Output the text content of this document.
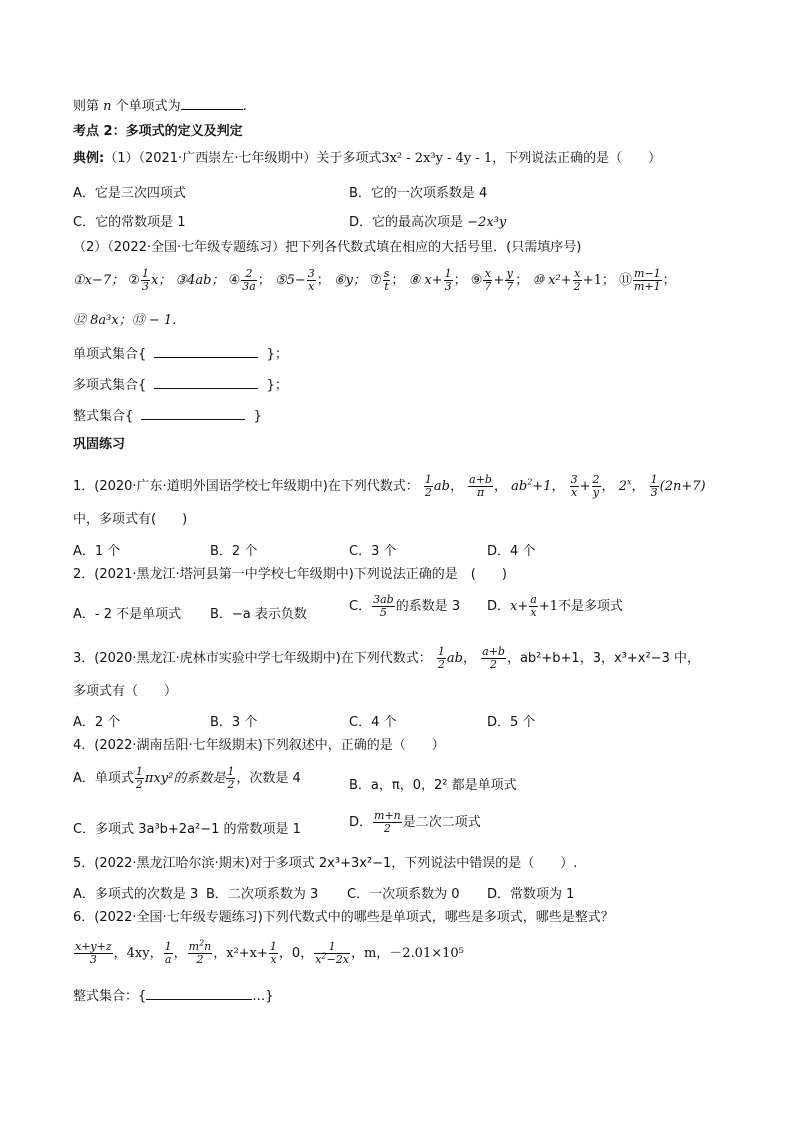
则第 n 个单项式为	.
考点 2：多项式的定义及判定
典例:（1）（2021·广西崇左·七年级期中）关于多项式3x² - 2x³y - 4y - 1，下列说法正确的是（　　）
A．它是三次四项式	B．它的一次项系数是 4
C．它的常数项是 1	D．它的最高次项是 −2x³y
（2）（2022·全国·七年级专题练习）把下列各代数式填在相应的大括号里．(只需填序号)
①x−7； ② $\frac{1}{3}$ x； ③4ab； ④ $\frac{2}{3a}$ ； ⑤5− $\frac{3}{x}$ ； ⑥y； ⑦ $\frac{s}{t}$ ； ⑧ $x+ \frac{1}{3}$ ； ⑨ $\frac{x}{7} + \frac{y}{7}$ ； ⑩ $x^2+ \frac{x}{2} +1$； ⑪ $\frac{m-1}{m+1}$ ；
⑫ 8a³x；⑬ − 1.
单项式集合{	}；
多项式集合{	}；
整式集合{	}
巩固练习
1．(2020·广东·道明外国语学校七年级期中)在下列代数式： $\frac{1}{2}$ ab， $\frac{a+b}{\pi}$ ， $ab^2+1$， $\frac{3}{x} + \frac{2}{y}$ ， 2$^x$， $\frac{1}{3} (2n+7)$
中，多项式有(　　)
A．1 个	B．2 个	C．3 个	D．4 个
2．(2021·黑龙江·塔河县第一中学校七年级期中)下列说法正确的是　(　　)
A．- 2 不是单项式 B．−a 表示负数
C． $\frac{3ab}{5}$ 的系数是 3 D．$x+ \frac{a}{x} +1$不是多项式
3．(2020·黑龙江·虎林市实验中学七年级期中)在下列代数式： $\frac{1}{2}$ ab， $\frac{a+b}{2}$ ，ab²+b+1，3，x³+x²−3 中，
多项式有（　　）
A．2 个	B．3 个	C．4 个	D．5 个
4．(2022·湖南岳阳·七年级期末)下列叙述中，正确的是（　　）
A．单项式 $\frac{1}{2} \pi xy^2$的系数是 $\frac{1}{2}$ ，次数是 4	B．a，π，0，2² 都是单项式
C．多项式 3a³b+2a²−1 的常数项是 1	D． $\frac{m+n}{2}$ 是二次二项式
5．(2022·黑龙江哈尔滨·期末)对于多项式 2x³+3x²−1，下列说法中错误的是（　　）.
A．多项式的次数是 3 B．二次项系数为 3 C．一次项系数为 0 D．常数项为 1
6．(2022·全国·七年级专题练习)下列代数式中的哪些是单项式，哪些是多项式，哪些是整式？
$\frac{x+y+z}{3}$ ，4xy， $\frac{1}{a}$ ， $\frac{m^2n}{2}$ ，$x^2+x+ \frac{1}{x}$ ，0， $\frac{1}{x^2-2x}$ ，m，－2.01×10⁵
整式集合：{	…}
